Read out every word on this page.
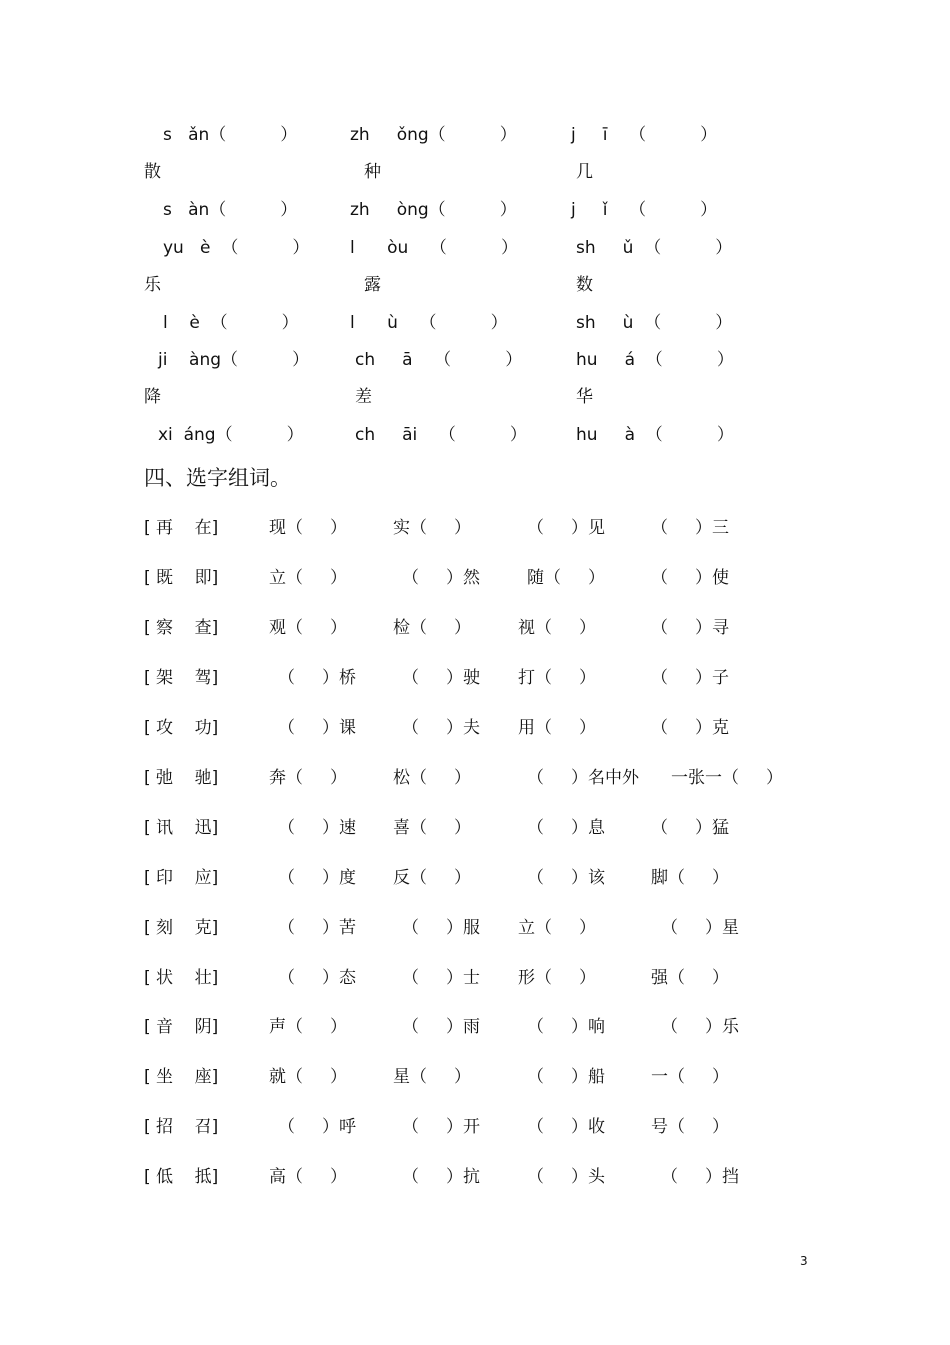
s   ǎn（          ）	zh     ǒng（          ）	j     ī    （          ）
散	种	几
s   àn（          ）	zh     òng（          ）	j     ǐ    （          ）
yu   è  （          ） l      òu    （          ）	sh     ǔ  （          ）
乐	露	数
l    è  （          ）	l      ù    （          ）	sh     ù  （          ）
ji    àng（          ）	ch     ā    （          ）	hu     á  （          ）
降	差	华
xi  áng（          ）	ch     āi    （          ）	hu     à  （          ）
四、选字组词。
[ 再    在]	现（     ）	实（     ）	（     ）见	（     ）三
[ 既    即]	立（     ）	（     ）然	随（     ）	（     ）使
[ 察    查]	观（     ）	检（     ）	视（     ）	（     ）寻
[ 架    驾]	（     ）桥	（     ）驶 打（     ）	（     ）子
[ 攻    功]	（     ）课	（     ）夫 用（     ）	（     ）克
[ 弛    驰]	奔（     ）	松（     ）	（     ）名中外 一张一（     ）
[ 讯    迅]	（     ）速 喜（     ）	（     ）息	（     ）猛
[ 印    应]	（     ）度 反（     ）	（     ）该	脚（     ）
[ 刻    克]	（     ）苦	（     ）服 立（     ）	（     ）星
[ 状    壮]	（     ）态	（     ）士 形（     ）	强（     ）
[ 音    阴]	声（     ）	（     ）雨	（     ）响	（     ）乐
[ 坐    座]	就（     ）	星（     ）	（     ）船	一（     ）
[ 招    召]	（     ）呼	（     ）开	（     ）收	号（     ）
[ 低    抵]	高（     ）	（     ）抗	（     ）头	（     ）挡
3
